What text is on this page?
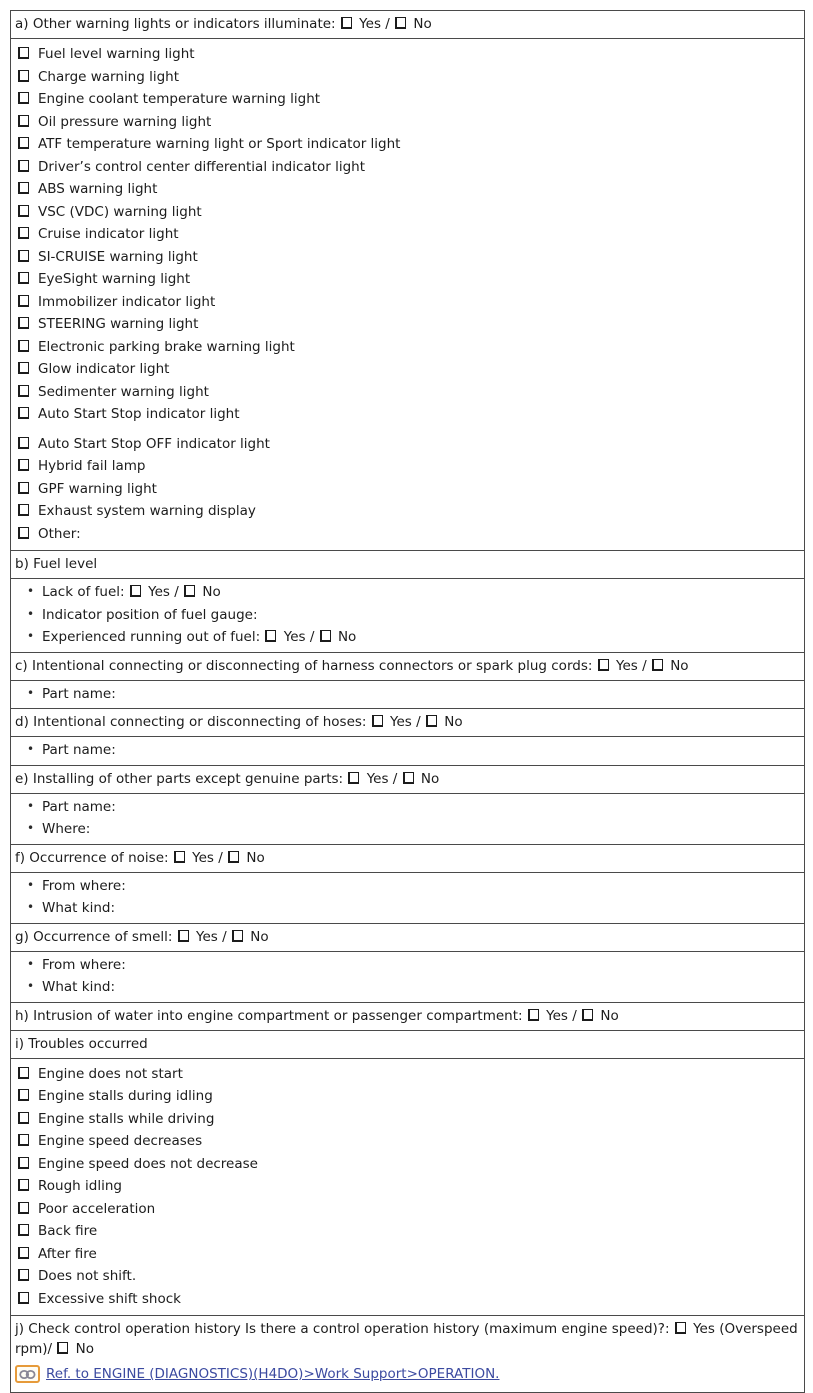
a) Other warning lights or indicators illuminate:  Yes /  No
Fuel level warning light
Charge warning light
Engine coolant temperature warning light
Oil pressure warning light
ATF temperature warning light or Sport indicator light
Driver’s control center differential indicator light
ABS warning light
VSC (VDC) warning light
Cruise indicator light
SI-CRUISE warning light
EyeSight warning light
Immobilizer indicator light
STEERING warning light
Electronic parking brake warning light
Glow indicator light
Sedimenter warning light
Auto Start Stop indicator light
Auto Start Stop OFF indicator light
Hybrid fail lamp
GPF warning light
Exhaust system warning display
Other:
b) Fuel level
• Lack of fuel:  Yes /  No
• Indicator position of fuel gauge:
• Experienced running out of fuel:  Yes /  No
c) Intentional connecting or disconnecting of harness connectors or spark plug cords:  Yes /  No
• Part name:
d) Intentional connecting or disconnecting of hoses:  Yes /  No
• Part name:
e) Installing of other parts except genuine parts:  Yes /  No
• Part name:
• Where:
f) Occurrence of noise:  Yes /  No
• From where:
• What kind:
g) Occurrence of smell:  Yes /  No
• From where:
• What kind:
h) Intrusion of water into engine compartment or passenger compartment:  Yes /  No
i) Troubles occurred
Engine does not start
Engine stalls during idling
Engine stalls while driving
Engine speed decreases
Engine speed does not decrease
Rough idling
Poor acceleration
Back fire
After fire
Does not shift.
Excessive shift shock
j) Check control operation history Is there a control operation history (maximum engine speed)?:  Yes (Overspeed rpm)/  No
Ref. to ENGINE (DIAGNOSTICS)(H4DO)>Work Support>OPERATION.
